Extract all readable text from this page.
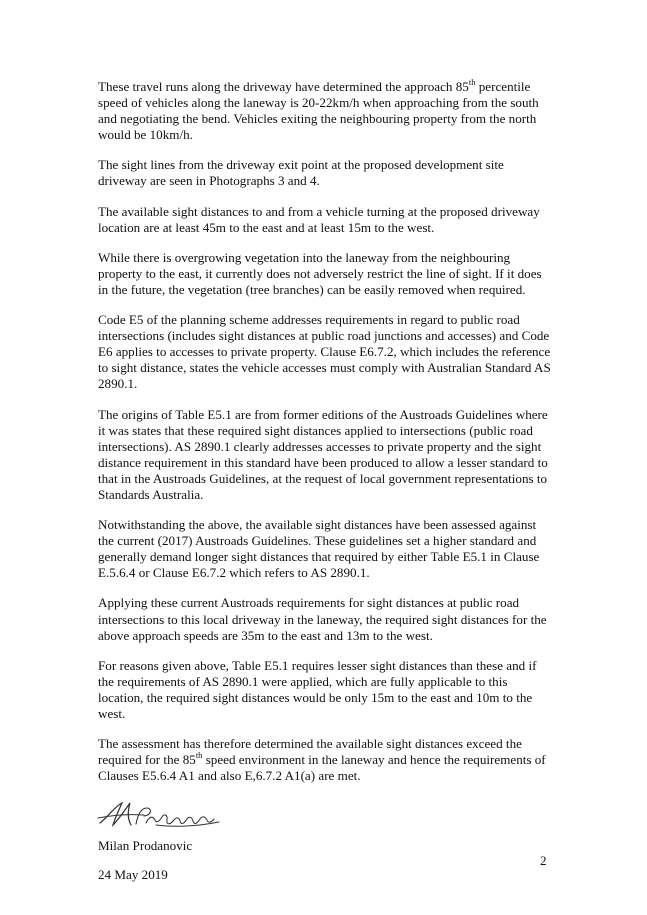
These travel runs along the driveway have determined the approach 85th percentile speed of vehicles along the laneway is 20-22km/h when approaching from the south and negotiating the bend. Vehicles exiting the neighbouring property from the north would be 10km/h.

The sight lines from the driveway exit point at the proposed development site driveway are seen in Photographs 3 and 4.

The available sight distances to and from a vehicle turning at the proposed driveway location are at least 45m to the east and at least 15m to the west.

While there is overgrowing vegetation into the laneway from the neighbouring property to the east, it currently does not adversely restrict the line of sight. If it does in the future, the vegetation (tree branches) can be easily removed when required.

Code E5 of the planning scheme addresses requirements in regard to public road intersections (includes sight distances at public road junctions and accesses) and Code E6 applies to accesses to private property. Clause E6.7.2, which includes the reference to sight distance, states the vehicle accesses must comply with Australian Standard AS 2890.1.

The origins of Table E5.1 are from former editions of the Austroads Guidelines where it was states that these required sight distances applied to intersections (public road intersections). AS 2890.1 clearly addresses accesses to private property and the sight distance requirement in this standard have been produced to allow a lesser standard to that in the Austroads Guidelines, at the request of local government representations to Standards Australia.

Notwithstanding the above, the available sight distances have been assessed against the current (2017) Austroads Guidelines. These guidelines set a higher standard and generally demand longer sight distances that required by either Table E5.1 in Clause E.5.6.4 or Clause E6.7.2 which refers to AS 2890.1.

Applying these current Austroads requirements for sight distances at public road intersections to this local driveway in the laneway, the required sight distances for the above approach speeds are 35m to the east and 13m to the west.

For reasons given above, Table E5.1 requires lesser sight distances than these and if the requirements of AS 2890.1 were applied, which are fully applicable to this location, the required sight distances would be only 15m to the east and 10m to the west.

The assessment has therefore determined the available sight distances exceed the required for the 85th speed environment in the laneway and hence the requirements of Clauses E5.6.4 A1 and also E,6.7.2 A1(a) are met.

Milan Prodanovic

24 May 2019

2
